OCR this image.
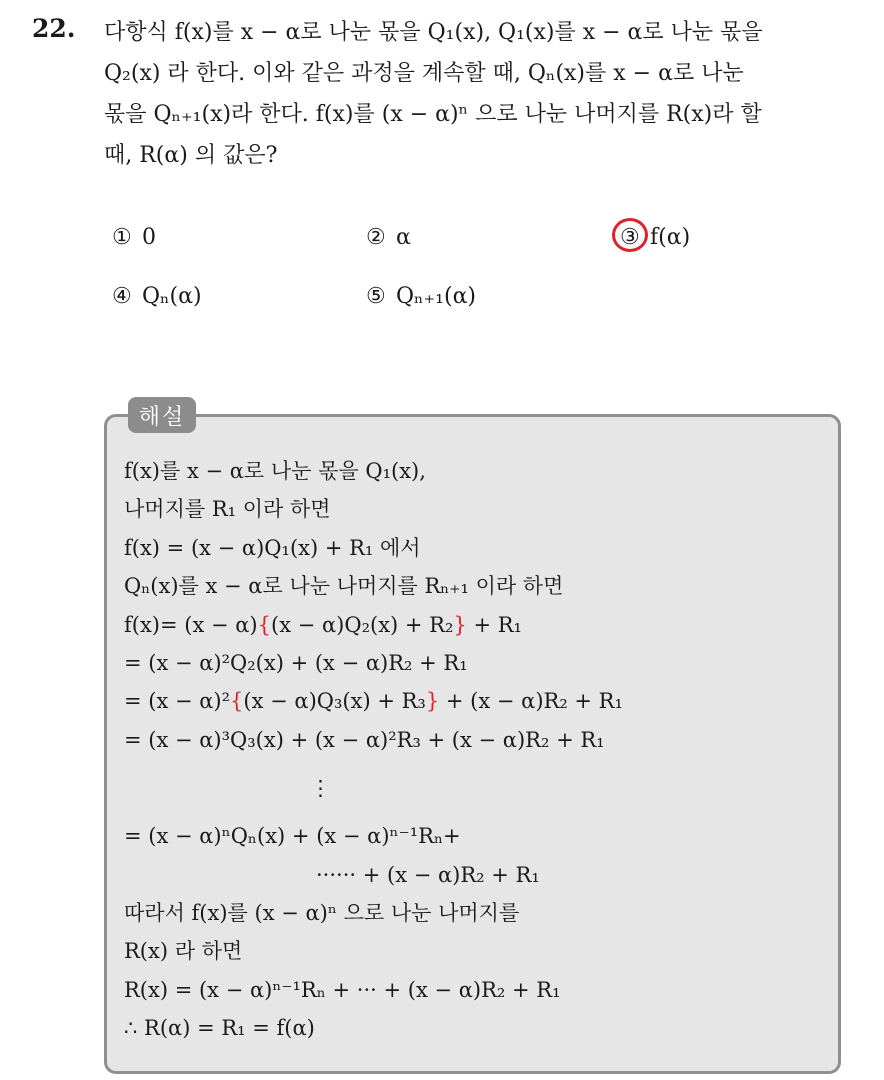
22. 다항식 f(x)를 x − α로 나눈 몫을 Q₁(x), Q₁(x)를 x − α로 나눈 몫을
Q₂(x) 라 한다. 이와 같은 과정을 계속할 때, Qₙ(x)를 x − α로 나눈
몫을 Qₙ₊₁(x)라 한다. f(x)를 (x − α)ⁿ 으로 나눈 나머지를 R(x)라 할
때, R(α) 의 값은?
① 0	② α	③ f(α)
④ Qₙ(α)	⑤ Qₙ₊₁(α)
해설
f(x)를 x − α로 나눈 몫을 Q₁(x),
나머지를 R₁ 이라 하면
f(x) = (x − α)Q₁(x) + R₁ 에서
Qₙ(x)를 x − α로 나눈 나머지를 Rₙ₊₁ 이라 하면
f(x)= (x − α){(x − α)Q₂(x) + R₂} + R₁
= (x − α)²Q₂(x) + (x − α)R₂ + R₁
= (x − α)²{(x − α)Q₃(x) + R₃} + (x − α)R₂ + R₁
= (x − α)³Q₃(x) + (x − α)²R₃ + (x − α)R₂ + R₁
⋮
= (x − α)ⁿQₙ(x) + (x − α)ⁿ⁻¹Rₙ+
······ + (x − α)R₂ + R₁
따라서 f(x)를 (x − α)ⁿ 으로 나눈 나머지를
R(x) 라 하면
R(x) = (x − α)ⁿ⁻¹Rₙ + ··· + (x − α)R₂ + R₁
∴ R(α) = R₁ = f(α)
